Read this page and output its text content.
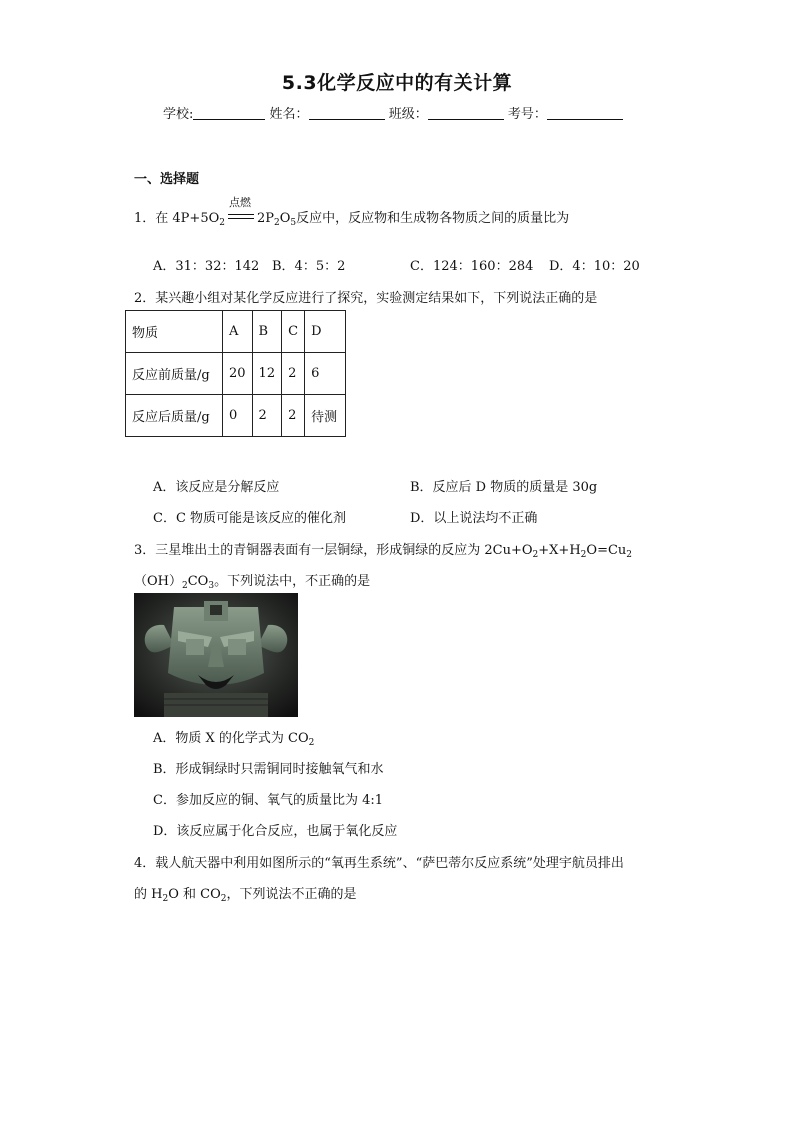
5.3化学反应中的有关计算
学校:	姓名：	班级：	考号：
一、选择题
1．在 $4P+5O_2$
点燃
$2P_2O_5$反应中，反应物和生成物各物质之间的质量比为
A．31：32：142 B．4：5：2	C．124：160：284 D．4：10：20
2．某兴趣小组对某化学反应进行了探究，实验测定结果如下，下列说法正确的是
物质	A	B	C	D
反应前质量/g	20	12	2	6
反应后质量/g	0	2	2	待测
A．该反应是分解反应	B．反应后 D 物质的质量是 30g
C．C 物质可能是该反应的催化剂	D．以上说法均不正确
3．三星堆出土的青铜器表面有一层铜绿，形成铜绿的反应为 $2Cu+O_2+X+H_2O=Cu_2$
$(OH)_2CO_3$。下列说法中，不正确的是
A．物质 X 的化学式为 $CO_2$
B．形成铜绿时只需铜同时接触氧气和水
C．参加反应的铜、氧气的质量比为 4:1
D．该反应属于化合反应，也属于氧化反应
4．载人航天器中利用如图所示的“氧再生系统”、“萨巴蒂尔反应系统”处理宇航员排出
的 $H_2O$ 和 $CO_2$，下列说法不正确的是
